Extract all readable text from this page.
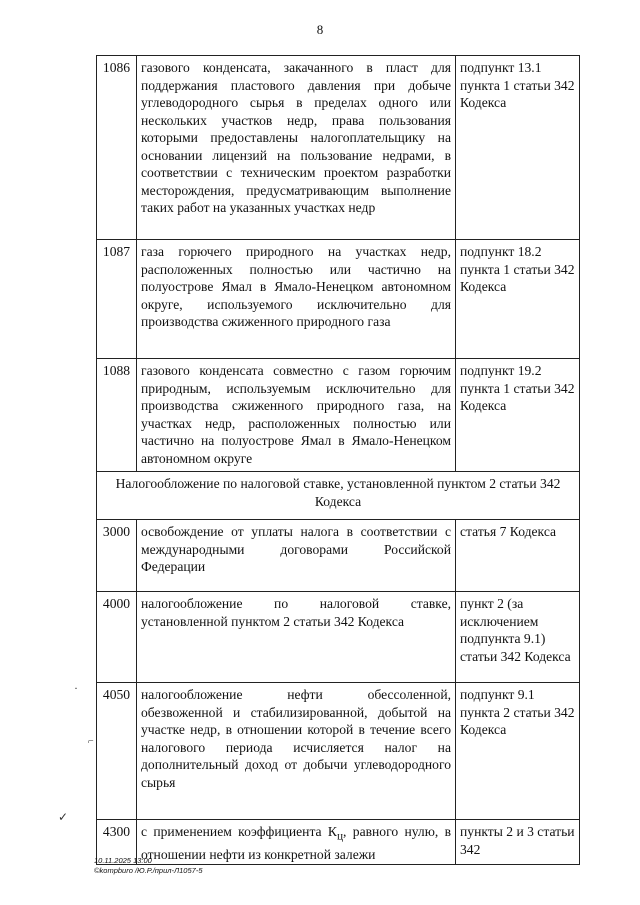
8
1086	газового конденсата, закачанного в пласт для поддержания пластового давления при добыче углеводородного сырья в пределах одного или нескольких участков недр, права пользования которыми предоставлены налогоплательщику на основании лицензий на пользование недрами, в соответствии с техническим проектом разработки месторождения, предусматривающим выполнение таких работ на указанных участках недр	подпункт 13.1 пункта 1 статьи 342 Кодекса
1087	газа горючего природного на участках недр, расположенных полностью или частично на полуострове Ямал в Ямало-Ненецком автономном округе, используемого исключительно для производства сжиженного природного газа	подпункт 18.2 пункта 1 статьи 342 Кодекса
1088	газового конденсата совместно с газом горючим природным, используемым исключительно для производства сжиженного природного газа, на участках недр, расположенных полностью или частично на полуострове Ямал в Ямало-Ненецком автономном округе	подпункт 19.2 пункта 1 статьи 342 Кодекса
Налогообложение по налоговой ставке, установленной пунктом 2 статьи 342 Кодекса		
3000	освобождение от уплаты налога в соответствии с международными договорами Российской Федерации	статья 7 Кодекса
4000	налогообложение по налоговой ставке, установленной пунктом 2 статьи 342 Кодекса	пункт 2 (за исключением подпункта 9.1) статьи 342 Кодекса
4050	налогообложение нефти обессоленной, обезвоженной и стабилизированной, добытой на участке недр, в отношении которой в течение всего налогового периода исчисляется налог на дополнительный доход от добычи углеводородного сырья	подпункт 9.1 пункта 2 статьи 342 Кодекса
4300	с применением коэффициента $К_ц$, равного нулю, в отношении нефти из конкретной залежи	пункты 2 и 3 статьи 342
·
⌐
✓
10.11.2025 13:00
©kompburo /Ю.Р./прил-Л1057-5
